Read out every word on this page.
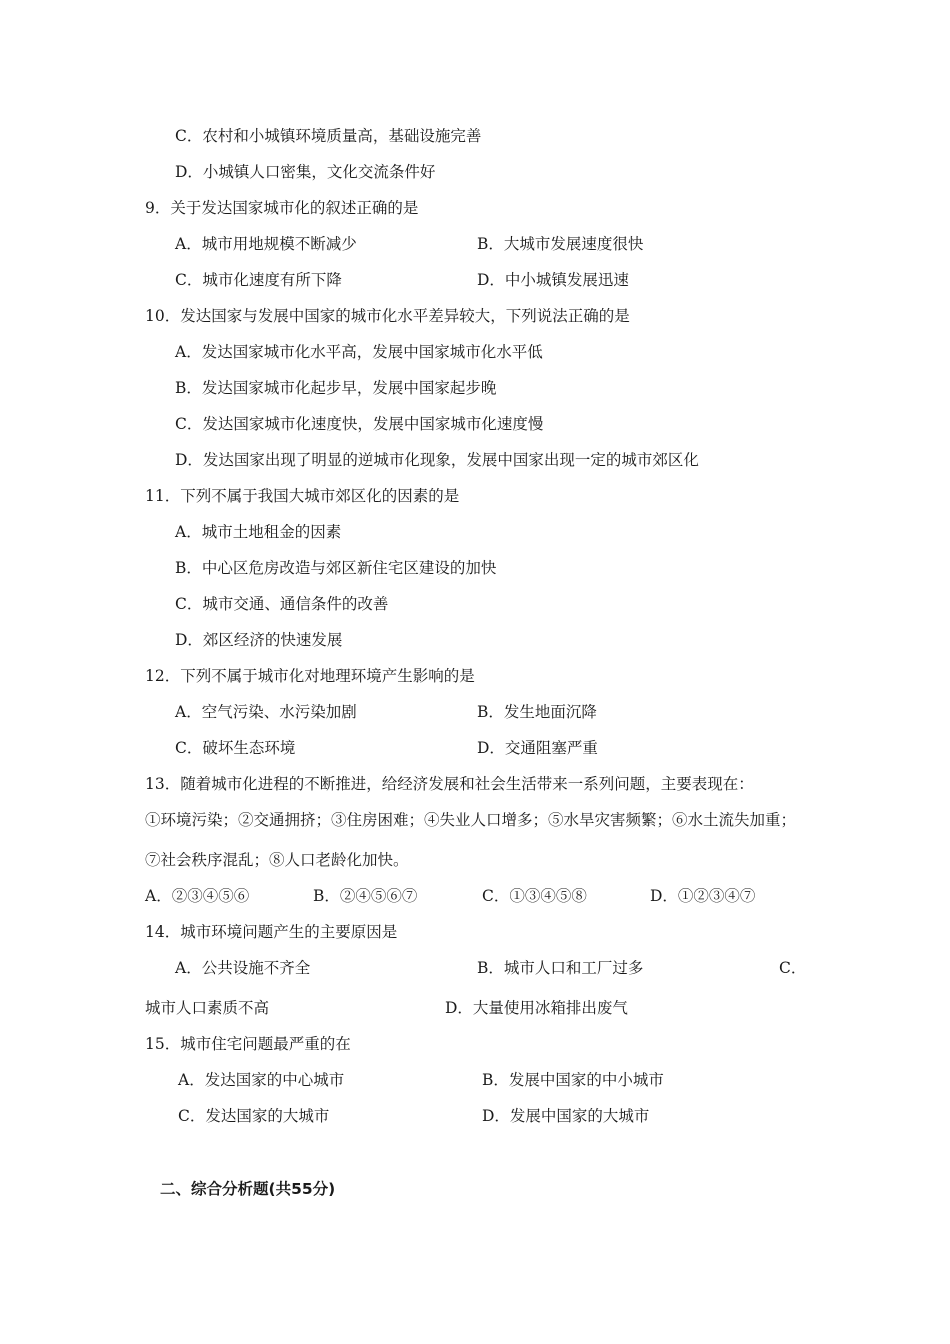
C．农村和小城镇环境质量高，基础设施完善
D．小城镇人口密集，文化交流条件好
9．关于发达国家城市化的叙述正确的是
A．城市用地规模不断减少	B．大城市发展速度很快
C．城市化速度有所下降	D．中小城镇发展迅速
10．发达国家与发展中国家的城市化水平差异较大，下列说法正确的是
A．发达国家城市化水平高，发展中国家城市化水平低
B．发达国家城市化起步早，发展中国家起步晚
C．发达国家城市化速度快，发展中国家城市化速度慢
D．发达国家出现了明显的逆城市化现象，发展中国家出现一定的城市郊区化
11．下列不属于我国大城市郊区化的因素的是
A．城市土地租金的因素
B．中心区危房改造与郊区新住宅区建设的加快
C．城市交通、通信条件的改善
D．郊区经济的快速发展
12．下列不属于城市化对地理环境产生影响的是
A．空气污染、水污染加剧	B．发生地面沉降
C．破坏生态环境	D．交通阻塞严重
13．随着城市化进程的不断推进，给经济发展和社会生活带来一系列问题，主要表现在：
①环境污染；②交通拥挤；③住房困难；④失业人口增多；⑤水旱灾害频繁；⑥水土流失加重；
⑦社会秩序混乱；⑧人口老龄化加快。
A．②③④⑤⑥	B．②④⑤⑥⑦	C．①③④⑤⑧	D．①②③④⑦
14．城市环境问题产生的主要原因是
A．公共设施不齐全	B．城市人口和工厂过多	C．
城市人口素质不高	D．大量使用冰箱排出废气
15．城市住宅问题最严重的在
A．发达国家的中心城市	B．发展中国家的中小城市
C．发达国家的大城市	D．发展中国家的大城市
二、综合分析题(共55分)
